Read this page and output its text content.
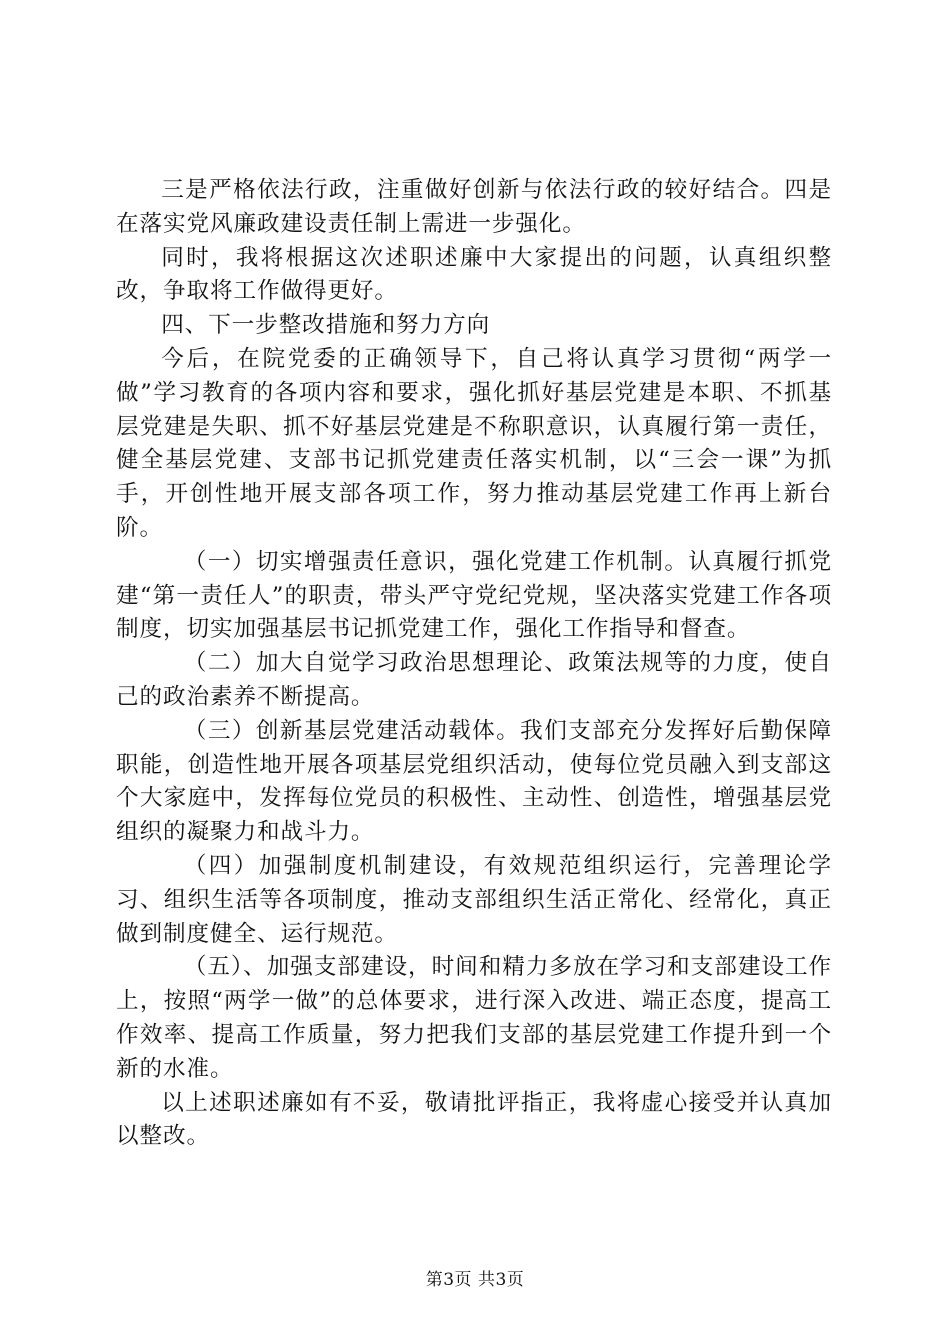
三是严格依法行政，注重做好创新与依法行政的较好结合。四是在落实党风廉政建设责任制上需进一步强化。

同时，我将根据这次述职述廉中大家提出的问题，认真组织整改，争取将工作做得更好。

四、下一步整改措施和努力方向

今后，在院党委的正确领导下，自己将认真学习贯彻“两学一做”学习教育的各项内容和要求，强化抓好基层党建是本职、不抓基层党建是失职、抓不好基层党建是不称职意识，认真履行第一责任，健全基层党建、支部书记抓党建责任落实机制，以“三会一课”为抓手，开创性地开展支部各项工作，努力推动基层党建工作再上新台阶。

（一）切实增强责任意识，强化党建工作机制。认真履行抓党建“第一责任人”的职责，带头严守党纪党规，坚决落实党建工作各项制度，切实加强基层书记抓党建工作，强化工作指导和督查。

（二）加大自觉学习政治思想理论、政策法规等的力度，使自己的政治素养不断提高。

（三）创新基层党建活动载体。我们支部充分发挥好后勤保障职能，创造性地开展各项基层党组织活动，使每位党员融入到支部这个大家庭中，发挥每位党员的积极性、主动性、创造性，增强基层党组织的凝聚力和战斗力。

（四）加强制度机制建设，有效规范组织运行，完善理论学习、组织生活等各项制度，推动支部组织生活正常化、经常化，真正做到制度健全、运行规范。

（五）、加强支部建设，时间和精力多放在学习和支部建设工作上，按照“两学一做”的总体要求，进行深入改进、端正态度，提高工作效率、提高工作质量，努力把我们支部的基层党建工作提升到一个新的水准。

以上述职述廉如有不妥，敬请批评指正，我将虚心接受并认真加以整改。

第3页 共3页
